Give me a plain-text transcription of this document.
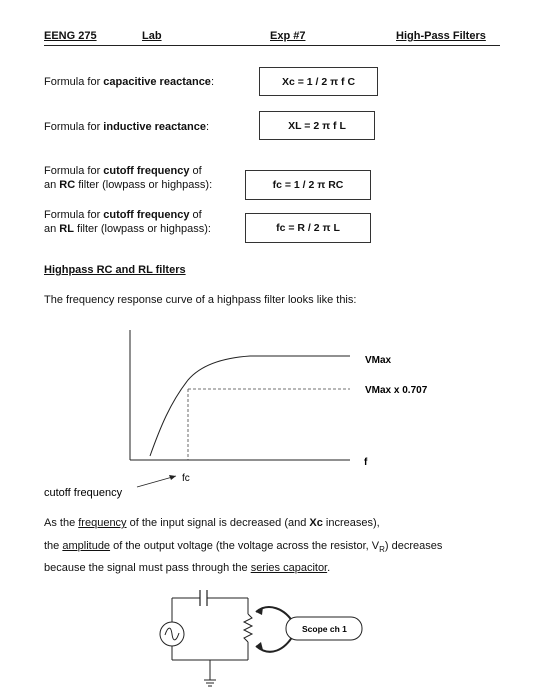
EENG 275	Lab	Exp #7	High-Pass Filters
Formula for capacitive reactance:	Xc = 1 / 2 π f C
Formula for inductive reactance:	XL = 2 π f L
Formula for cutoff frequency of
an RC filter (lowpass or highpass):	fc = 1 / 2 π RC
Formula for cutoff frequency of
an RL filter (lowpass or highpass):	fc = R / 2 π L
Highpass RC and RL filters
The frequency response curve of a highpass filter looks like this:
VMax
VMax x 0.707
f
fc
cutoff frequency
As the frequency of the input signal is decreased (and Xc increases),
the amplitude of the output voltage (the voltage across the resistor, $V_R$) decreases
because the signal must pass through the series capacitor.
Scope ch 1
